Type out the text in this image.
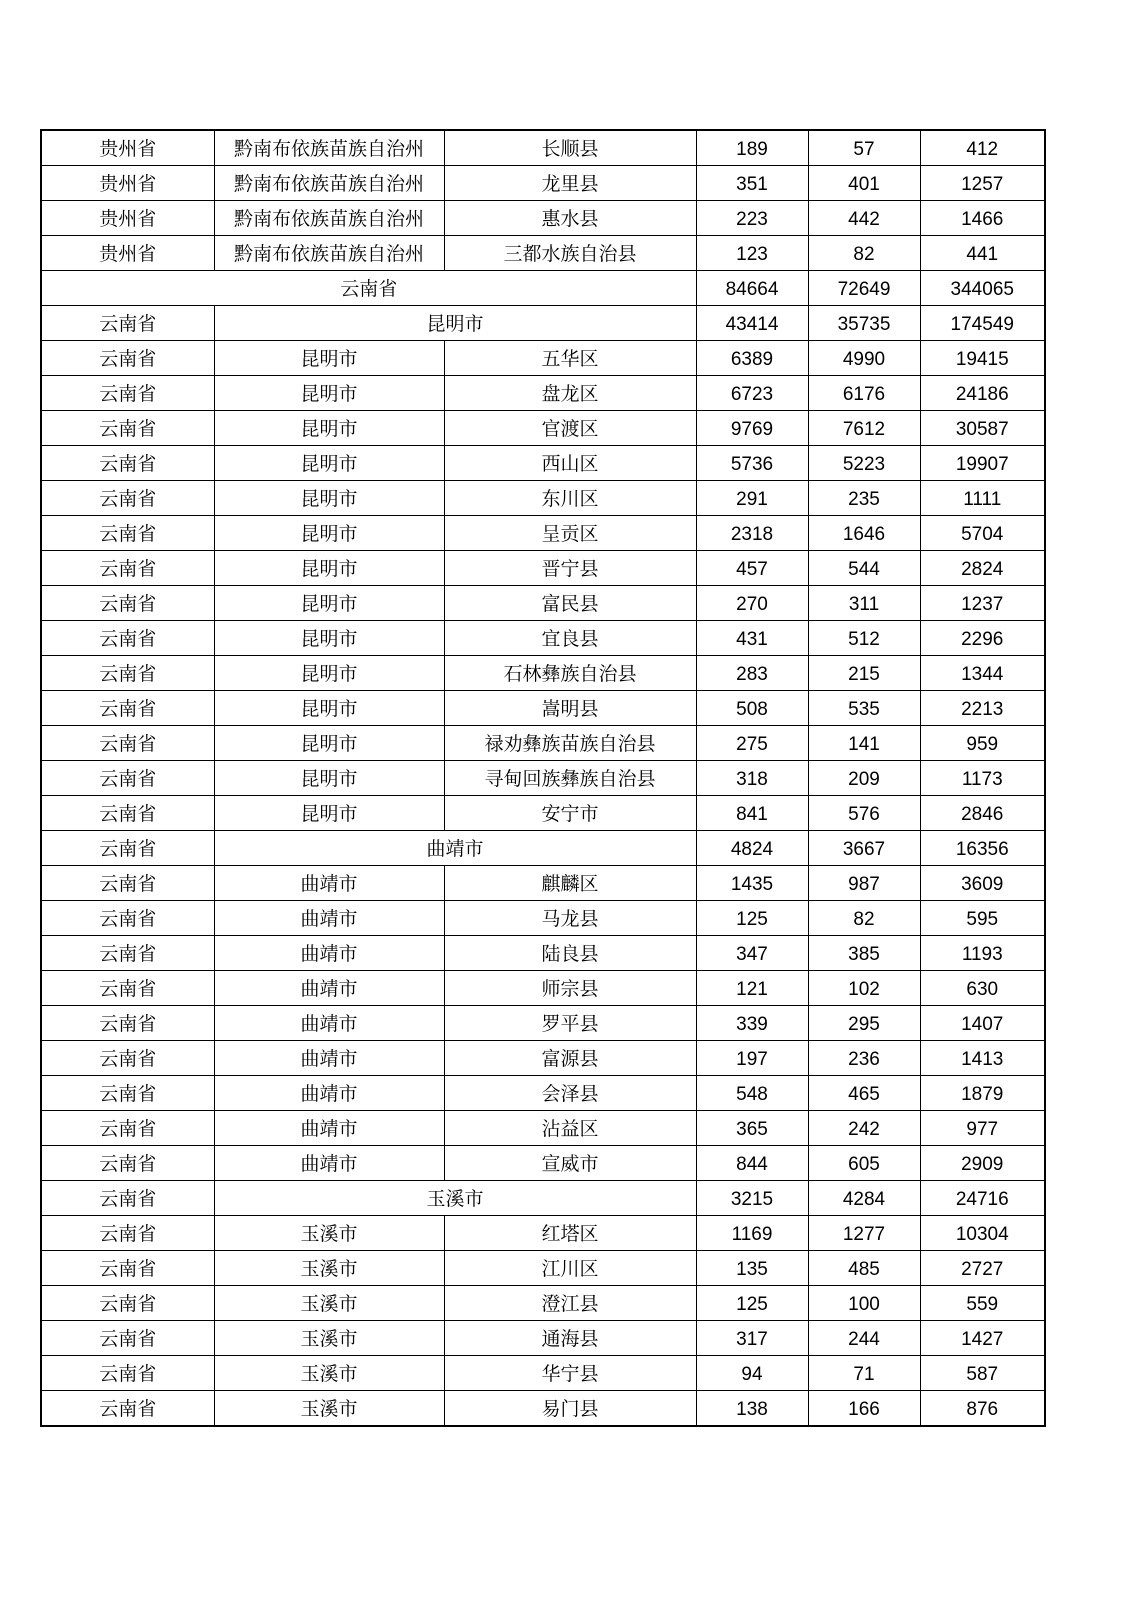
贵州省	黔南布依族苗族自治州	长顺县	189	57	412
贵州省	黔南布依族苗族自治州	龙里县	351	401	1257
贵州省	黔南布依族苗族自治州	惠水县	223	442	1466
贵州省	黔南布依族苗族自治州	三都水族自治县	123	82	441
云南省			84664	72649	344065
云南省	昆明市		43414	35735	174549
云南省	昆明市	五华区	6389	4990	19415
云南省	昆明市	盘龙区	6723	6176	24186
云南省	昆明市	官渡区	9769	7612	30587
云南省	昆明市	西山区	5736	5223	19907
云南省	昆明市	东川区	291	235	1111
云南省	昆明市	呈贡区	2318	1646	5704
云南省	昆明市	晋宁县	457	544	2824
云南省	昆明市	富民县	270	311	1237
云南省	昆明市	宜良县	431	512	2296
云南省	昆明市	石林彝族自治县	283	215	1344
云南省	昆明市	嵩明县	508	535	2213
云南省	昆明市	禄劝彝族苗族自治县	275	141	959
云南省	昆明市	寻甸回族彝族自治县	318	209	1173
云南省	昆明市	安宁市	841	576	2846
云南省	曲靖市		4824	3667	16356
云南省	曲靖市	麒麟区	1435	987	3609
云南省	曲靖市	马龙县	125	82	595
云南省	曲靖市	陆良县	347	385	1193
云南省	曲靖市	师宗县	121	102	630
云南省	曲靖市	罗平县	339	295	1407
云南省	曲靖市	富源县	197	236	1413
云南省	曲靖市	会泽县	548	465	1879
云南省	曲靖市	沾益区	365	242	977
云南省	曲靖市	宣威市	844	605	2909
云南省	玉溪市		3215	4284	24716
云南省	玉溪市	红塔区	1169	1277	10304
云南省	玉溪市	江川区	135	485	2727
云南省	玉溪市	澄江县	125	100	559
云南省	玉溪市	通海县	317	244	1427
云南省	玉溪市	华宁县	94	71	587
云南省	玉溪市	易门县	138	166	876
